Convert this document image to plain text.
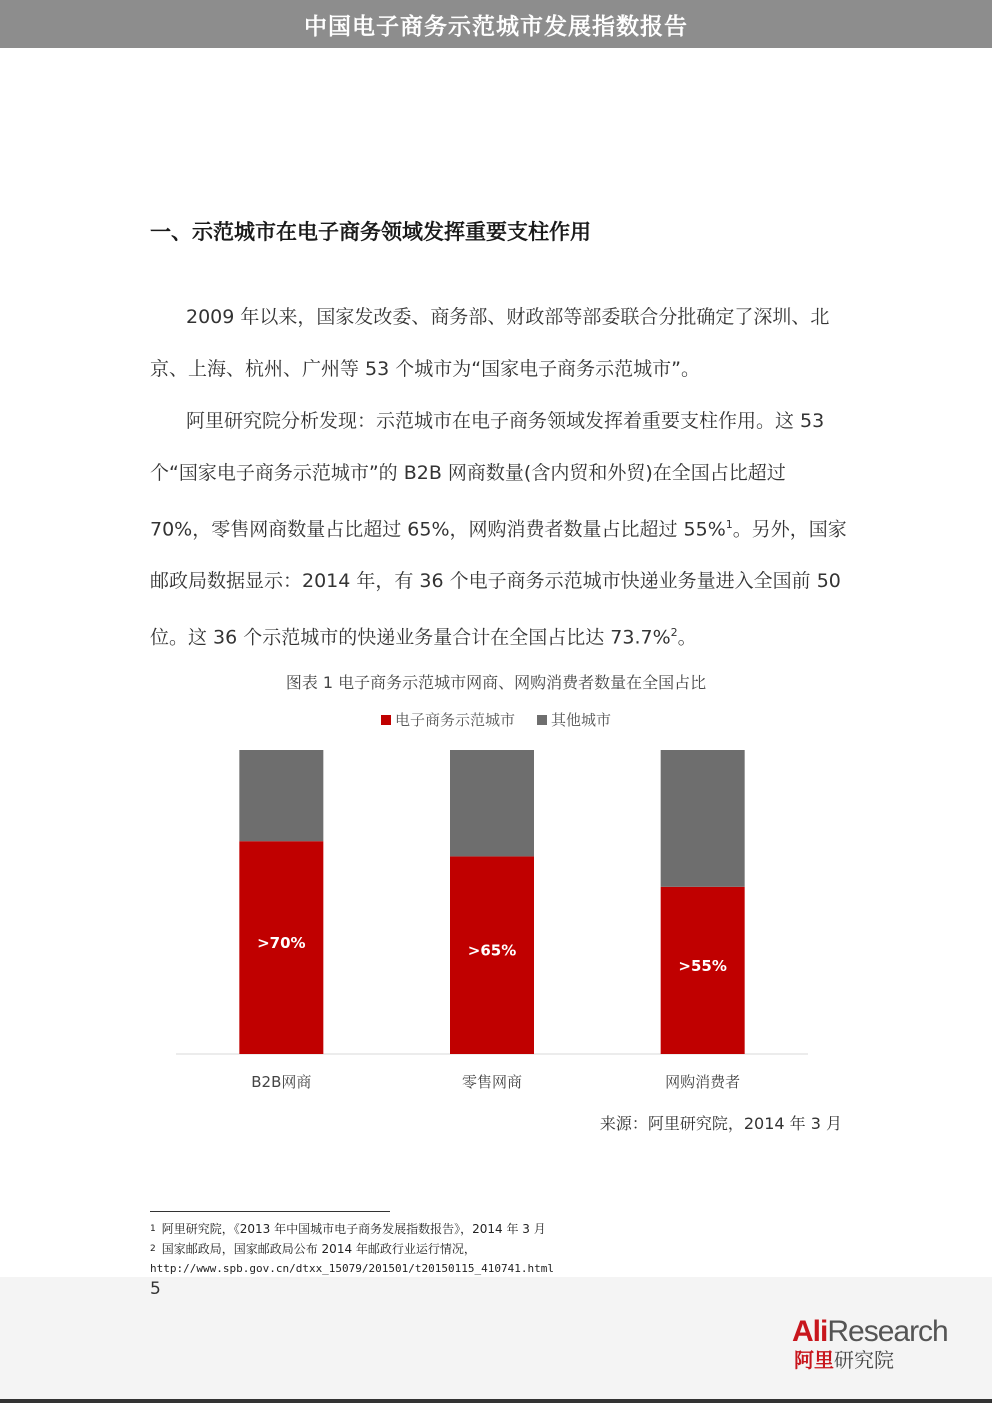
中国电子商务示范城市发展指数报告
一、示范城市在电子商务领域发挥重要支柱作用

2009 年以来，国家发改委、商务部、财政部等部委联合分批确定了深圳、北京、上海、杭州、广州等 53 个城市为“国家电子商务示范城市”。

阿里研究院分析发现：示范城市在电子商务领域发挥着重要支柱作用。这 53 个“国家电子商务示范城市”的 B2B 网商数量(含内贸和外贸)在全国占比超过 70%，零售网商数量占比超过 65%，网购消费者数量占比超过 55%$^1$。另外，国家邮政局数据显示：2014 年，有 36 个电子商务示范城市快递业务量进入全国前 50 位。这 36 个示范城市的快递业务量合计在全国占比达 73.7%$^2$。

图表 1 电子商务示范城市网商、网购消费者数量在全国占比
电子商务示范城市 其他城市
>70%
B2B网商
>65%
零售网商
>55%
网购消费者
来源：阿里研究院，2014 年 3 月
$^1$ 阿里研究院，《2013 年中国城市电子商务发展指数报告》，2014 年 3 月
$^2$ 国家邮政局，国家邮政局公布 2014 年邮政行业运行情况，
http://www.spb.gov.cn/dtxx_15079/201501/t20150115_410741.html
5
AliResearch
阿里研究院
